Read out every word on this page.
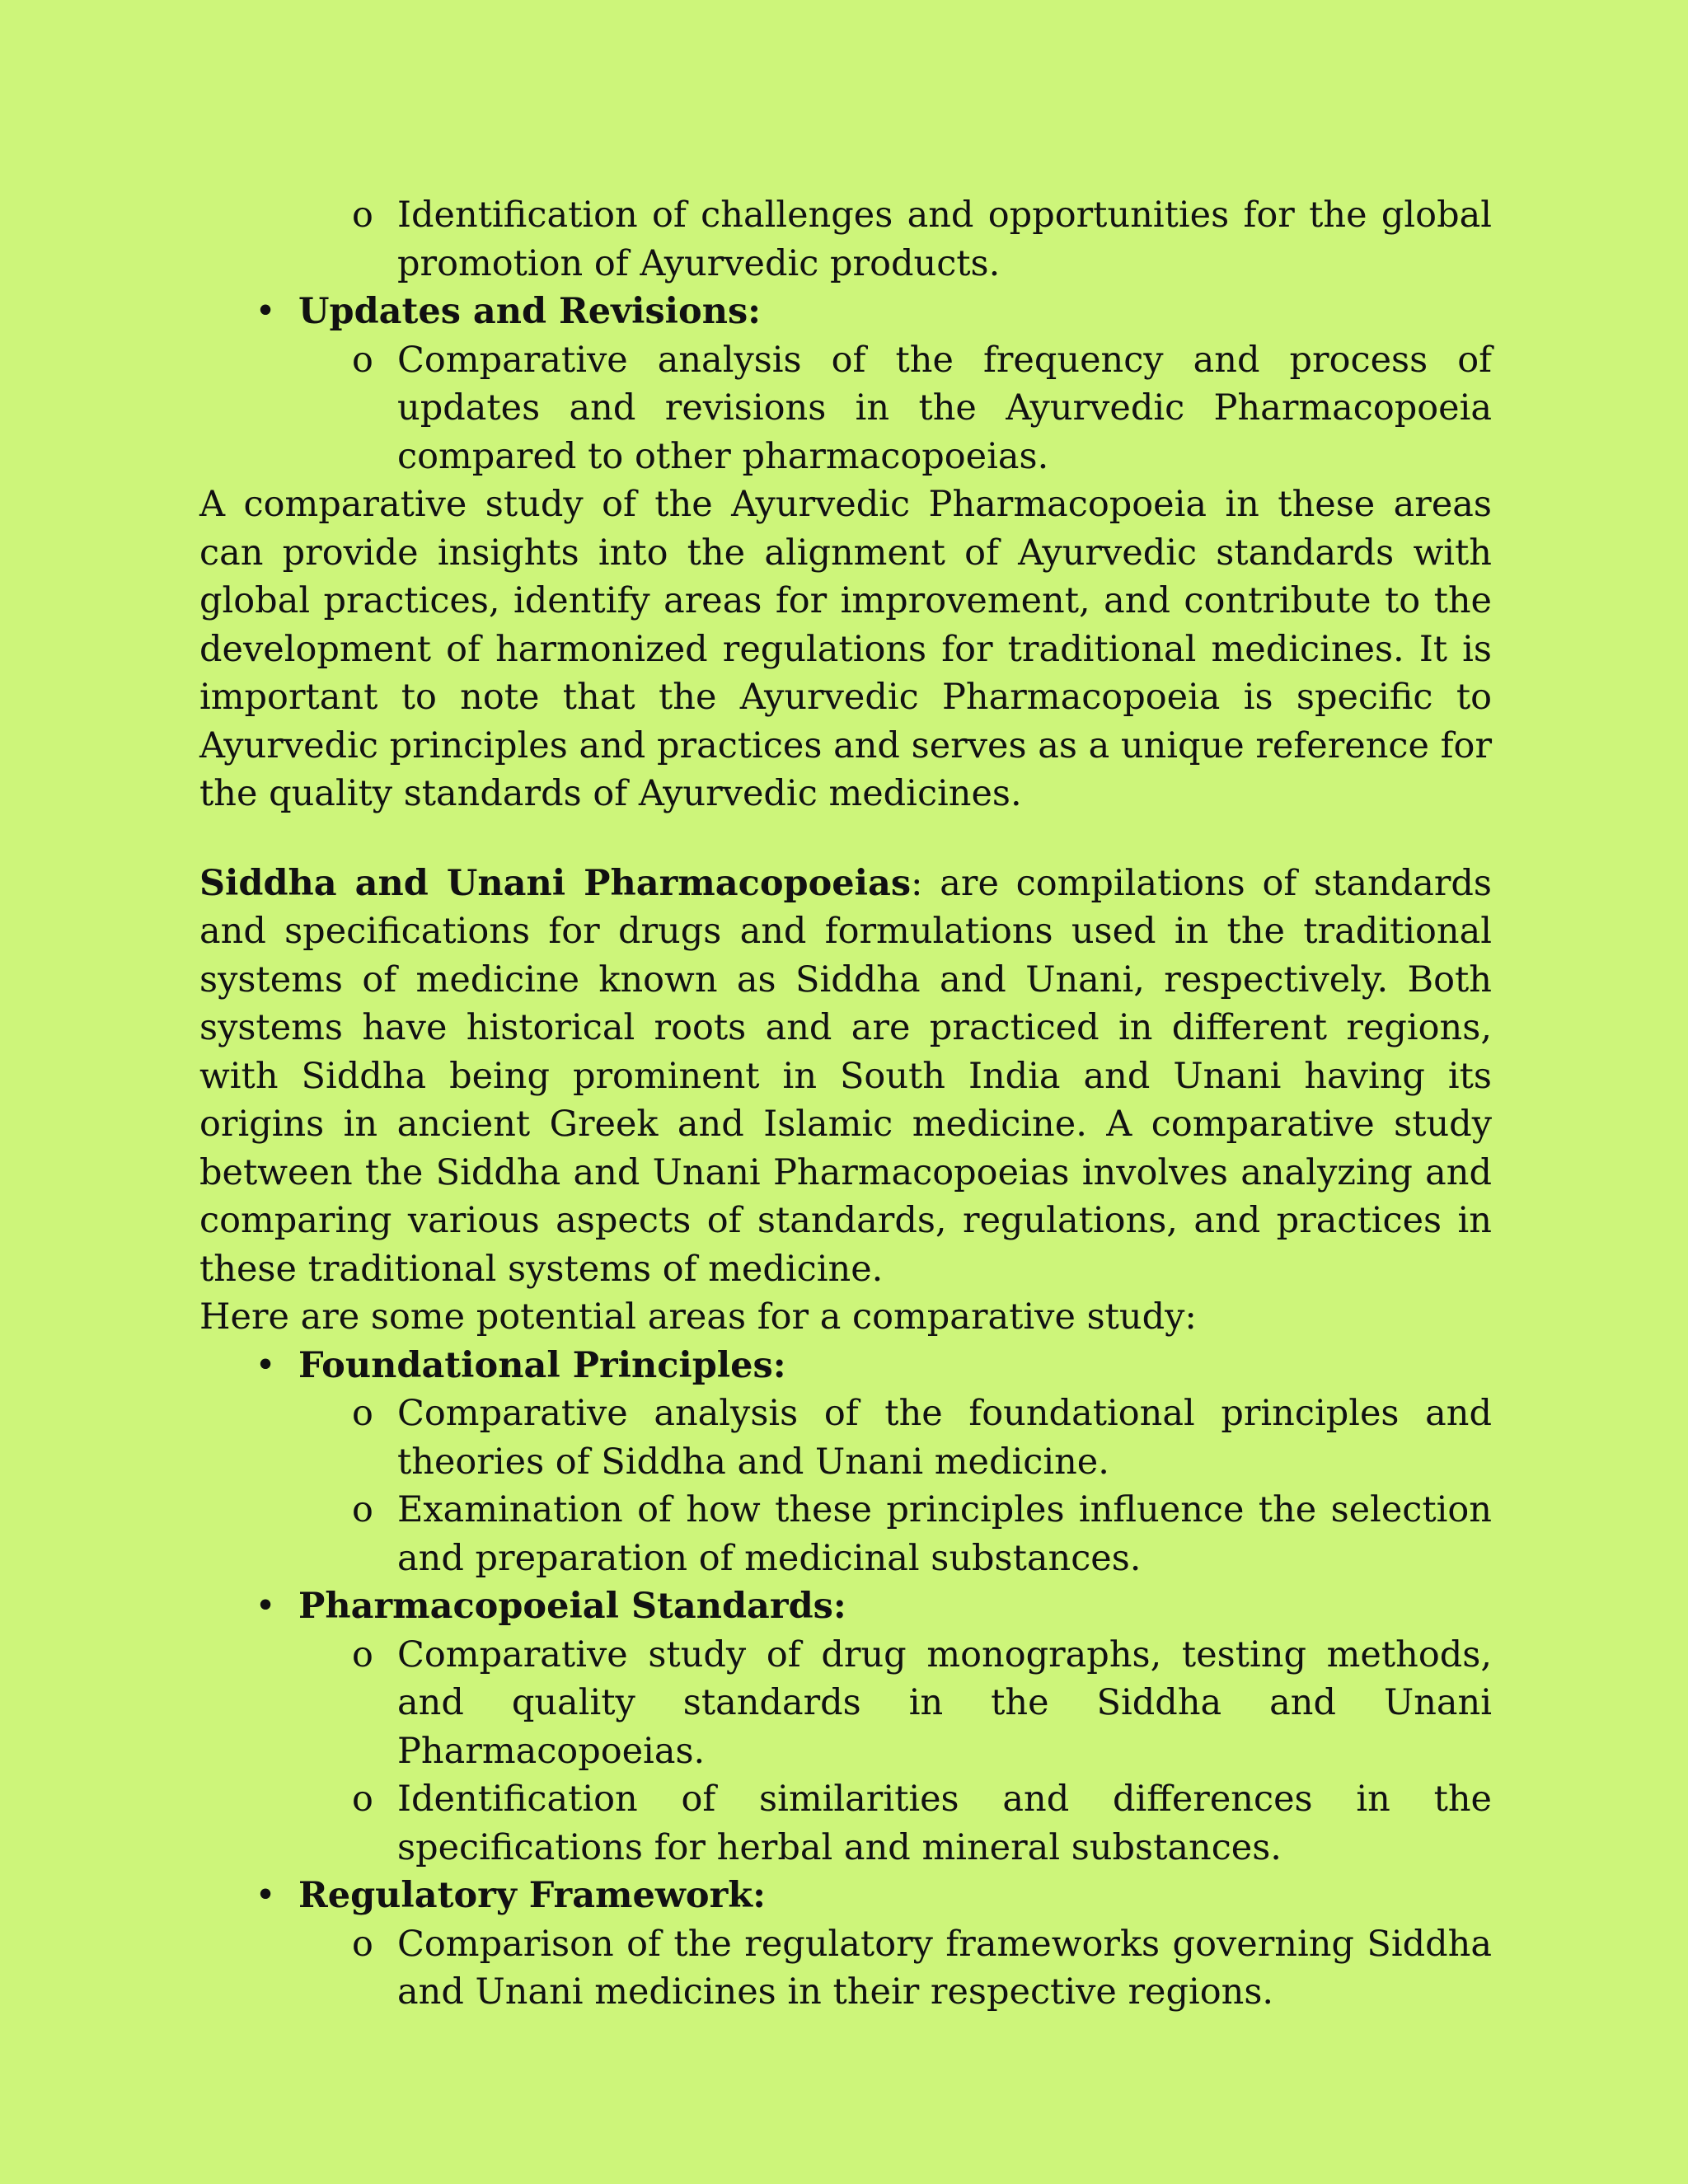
o Identification of challenges and opportunities for the global promotion of Ayurvedic products.

• Updates and Revisions:

o Comparative analysis of the frequency and process of updates and revisions in the Ayurvedic Pharmacopoeia compared to other pharmacopoeias.

A comparative study of the Ayurvedic Pharmacopoeia in these areas can provide insights into the alignment of Ayurvedic standards with global practices, identify areas for improvement, and contribute to the development of harmonized regulations for traditional medicines. It is important to note that the Ayurvedic Pharmacopoeia is specific to Ayurvedic principles and practices and serves as a unique reference for the quality standards of Ayurvedic medicines.

Siddha and Unani Pharmacopoeias: are compilations of standards and specifications for drugs and formulations used in the traditional systems of medicine known as Siddha and Unani, respectively. Both systems have historical roots and are practiced in different regions, with Siddha being prominent in South India and Unani having its origins in ancient Greek and Islamic medicine. A comparative study between the Siddha and Unani Pharmacopoeias involves analyzing and comparing various aspects of standards, regulations, and practices in these traditional systems of medicine.

Here are some potential areas for a comparative study:

• Foundational Principles:

o Comparative analysis of the foundational principles and theories of Siddha and Unani medicine.

o Examination of how these principles influence the selection and preparation of medicinal substances.

• Pharmacopoeial Standards:

o Comparative study of drug monographs, testing methods, and quality standards in the Siddha and Unani Pharmacopoeias.

o Identification of similarities and differences in the specifications for herbal and mineral substances.

• Regulatory Framework:

o Comparison of the regulatory frameworks governing Siddha and Unani medicines in their respective regions.
